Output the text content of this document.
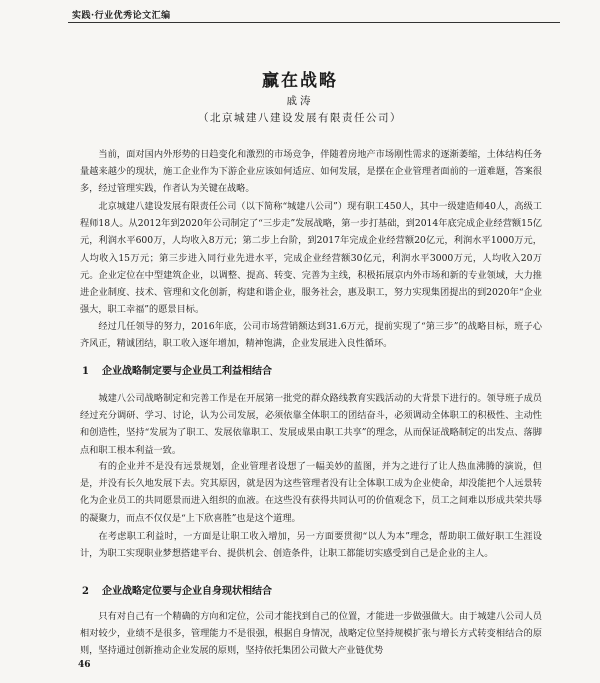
实践·行业优秀论文汇编
赢在战略
戚涛
（北京城建八建设发展有限责任公司）

当前，面对国内外形势的日趋变化和激烈的市场竞争，伴随着房地产市场刚性需求的逐渐萎缩，土体结构任务量越来越少的现状，施工企业作为下游企业应该如何适应、如何发展，是摆在企业管理者面前的一道难题，答案很多，经过管理实践，作者认为关键在战略。

北京城建八建设发展有限责任公司（以下简称“城建八公司”）现有职工450人，其中一级建造师40人，高级工程师18人。从2012年到2020年公司制定了“三步走”发展战略，第一步打基础，到2014年底完成企业经营额15亿元，利润水平600万，人均收入8万元；第二步上台阶，到2017年完成企业经营额20亿元，利润水平1000万元，人均收入15万元；第三步进入同行业先进水平，完成企业经营额30亿元，利润水平3000万元，人均收入20万元。企业定位在中型建筑企业，以调整、提高、转变、完善为主线，积极拓展京内外市场和新的专业领域，大力推进企业制度、技术、管理和文化创新，构建和谐企业，服务社会，惠及职工，努力实现集团提出的到2020年“企业强大，职工幸福”的愿景目标。

经过几任领导的努力，2016年底，公司市场营销额达到31.6万元，提前实现了“第三步”的战略目标，班子心齐风正，精诚团结，职工收入逐年增加，精神饱满，企业发展进入良性循环。

1 企业战略制定要与企业员工利益相结合

城建八公司战略制定和完善工作是在开展第一批党的群众路线教育实践活动的大背景下进行的。领导班子成员经过充分调研、学习、讨论，认为公司发展，必须依靠全体职工的团结奋斗，必须调动全体职工的积极性、主动性和创造性，坚持“发展为了职工、发展依靠职工、发展成果由职工共享”的理念，从而保证战略制定的出发点、落脚点和职工根本利益一致。

有的企业并不是没有远景规划，企业管理者设想了一幅美妙的蓝图，并为之进行了让人热血沸腾的演说，但是，并没有长久地发展下去。究其原因，就是因为这些管理者没有让全体职工成为企业使命，却没能把个人远景转化为企业员工的共同愿景而进入组织的血液。在这些没有获得共同认可的价值观念下，员工之间难以形成共荣共辱的凝聚力，而点不仅仅是“上下欣喜胜”也是这个道理。

在考虑职工利益时，一方面是让职工收入增加，另一方面要贯彻“以人为本”理念，帮助职工做好职工生涯设计，为职工实现职业梦想搭建平台、提供机会、创造条件，让职工都能切实感受到自己是企业的主人。

2 企业战略定位要与企业自身现状相结合

只有对自己有一个精确的方向和定位，公司才能找到自己的位置，才能进一步做强做大。由于城建八公司人员相对较少，业绩不是很多，管理能力不是很强，根据自身情况，战略定位坚持规模扩张与增长方式转变相结合的原则，坚持通过创新推动企业发展的原则，坚持依托集团公司做大产业链优势

46
